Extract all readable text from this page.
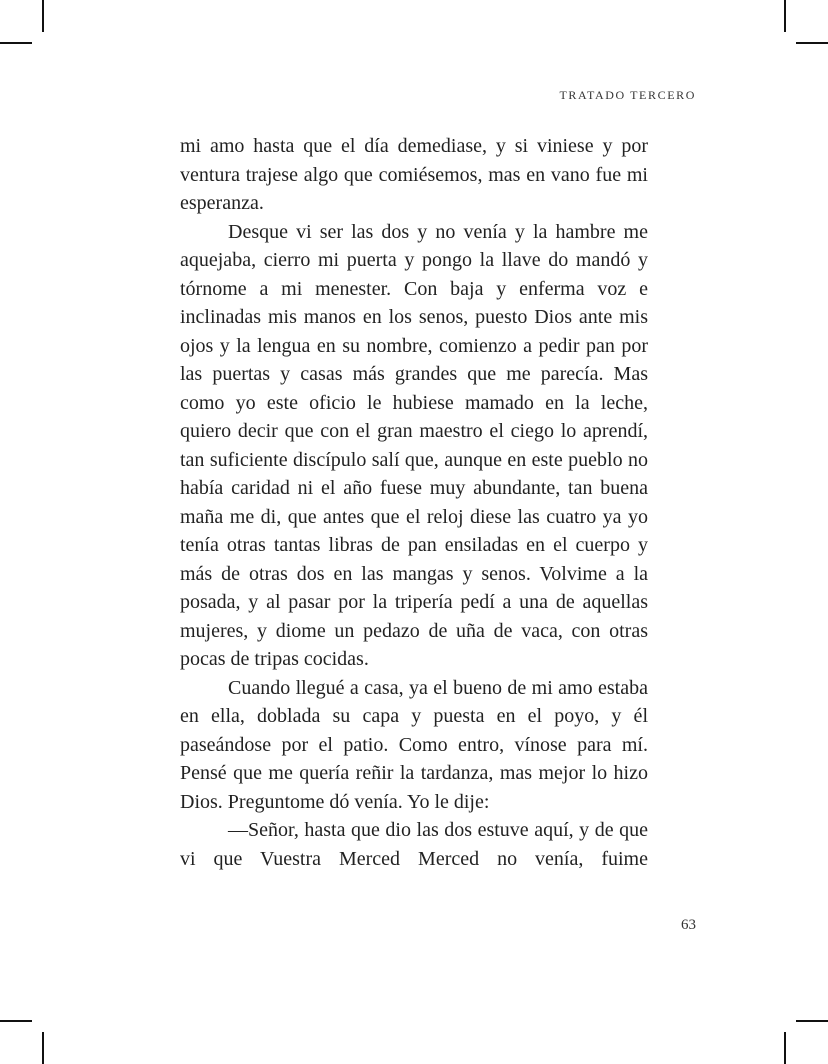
TRATADO TERCERO

mi amo hasta que el día demediase, y si viniese y por ventura trajese algo que comiésemos, mas en vano fue mi esperanza.

Desque vi ser las dos y no venía y la hambre me aquejaba, cierro mi puerta y pongo la llave do mandó y tórnome a mi menester. Con baja y enferma voz e inclinadas mis manos en los senos, puesto Dios ante mis ojos y la lengua en su nombre, comienzo a pedir pan por las puertas y casas más grandes que me parecía. Mas como yo este oficio le hubiese mamado en la leche, quiero decir que con el gran maestro el ciego lo aprendí, tan suficiente discípulo salí que, aunque en este pueblo no había caridad ni el año fuese muy abundante, tan buena maña me di, que antes que el reloj diese las cuatro ya yo tenía otras tantas libras de pan ensiladas en el cuerpo y más de otras dos en las mangas y senos. Volvime a la posada, y al pasar por la tripería pedí a una de aquellas mujeres, y diome un pedazo de uña de vaca, con otras pocas de tripas cocidas.

Cuando llegué a casa, ya el bueno de mi amo estaba en ella, doblada su capa y puesta en el poyo, y él paseándose por el patio. Como entro, vínose para mí. Pensé que me quería reñir la tardanza, mas mejor lo hizo Dios. Preguntome dó venía. Yo le dije:

—Señor, hasta que dio las dos estuve aquí, y de que vi que Vuestra Merced Merced no venía, fuime

63
